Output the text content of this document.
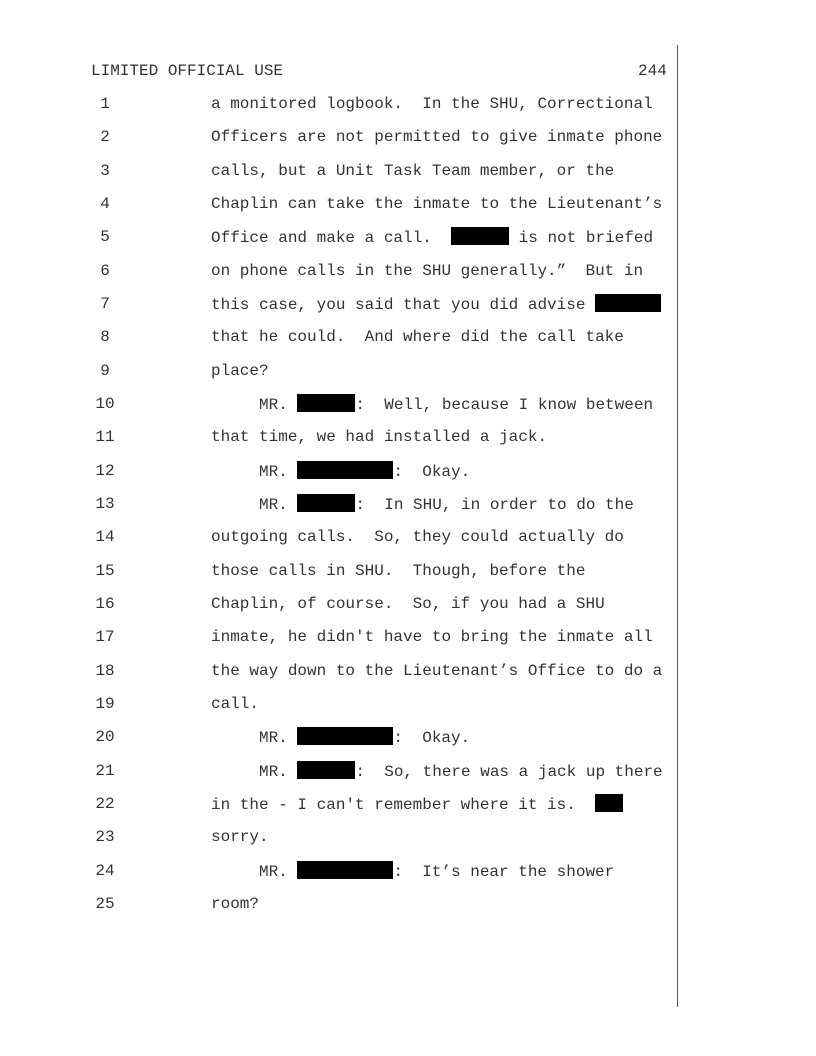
LIMITED OFFICIAL USE	244
1	a monitored logbook.  In the SHU, Correctional
2	Officers are not permitted to give inmate phone
3	calls, but a Unit Task Team member, or the
4	Chaplin can take the inmate to the Lieutenant’s
5	Office and make a call.	is not briefed
6	on phone calls in the SHU generally.”  But in
7	this case, you said that you did advise
8	that he could.  And where did the call take
9	place?
10	MR.	:  Well, because I know between
11	that time, we had installed a jack.
12	MR.	:  Okay.
13	MR.	:  In SHU, in order to do the
14	outgoing calls.  So, they could actually do
15	those calls in SHU.  Though, before the
16	Chaplin, of course.  So, if you had a SHU
17	inmate, he didn't have to bring the inmate all
18	the way down to the Lieutenant’s Office to do a
19	call.
20	MR.	:  Okay.
21	MR.	:  So, there was a jack up there
22	in the - I can't remember where it is.
23	sorry.
24	MR.	:  It’s near the shower
25	room?
